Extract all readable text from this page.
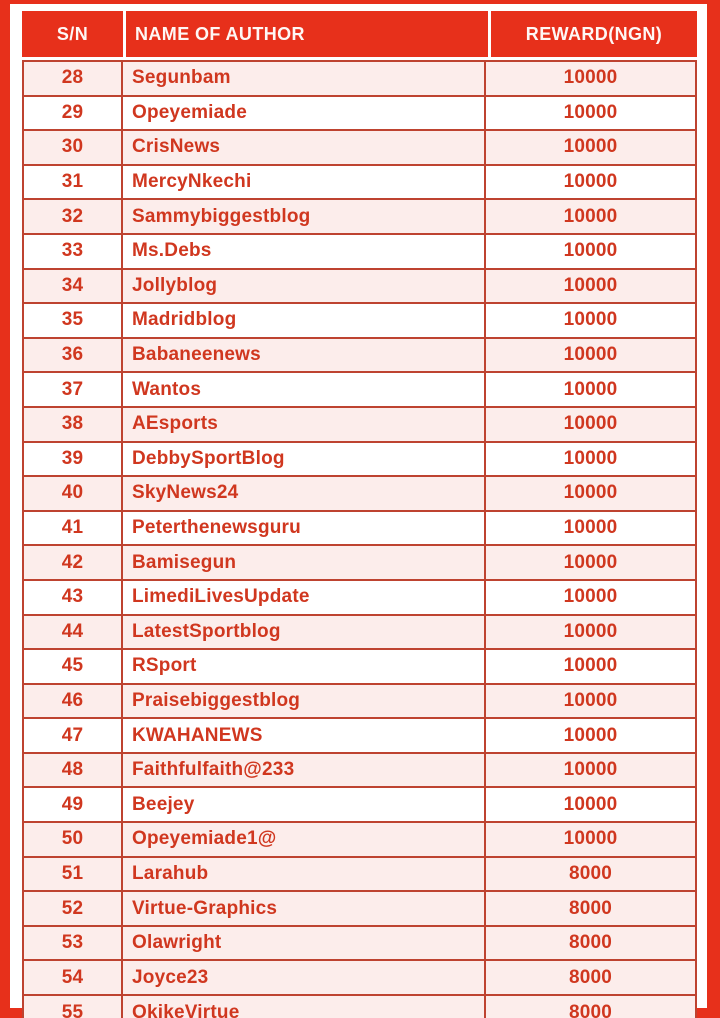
S/N	NAME OF AUTHOR	REWARD(NGN)
28	Segunbam	10000
29	Opeyemiade	10000
30	CrisNews	10000
31	MercyNkechi	10000
32	Sammybiggestblog	10000
33	Ms.Debs	10000
34	Jollyblog	10000
35	Madridblog	10000
36	Babaneenews	10000
37	Wantos	10000
38	AEsports	10000
39	DebbySportBlog	10000
40	SkyNews24	10000
41	Peterthenewsguru	10000
42	Bamisegun	10000
43	LimediLivesUpdate	10000
44	LatestSportblog	10000
45	RSport	10000
46	Praisebiggestblog	10000
47	KWAHANEWS	10000
48	Faithfulfaith@233	10000
49	Beejey	10000
50	Opeyemiade1@	10000
51	Larahub	8000
52	Virtue-Graphics	8000
53	Olawright	8000
54	Joyce23	8000
55	OkikeVirtue	8000
